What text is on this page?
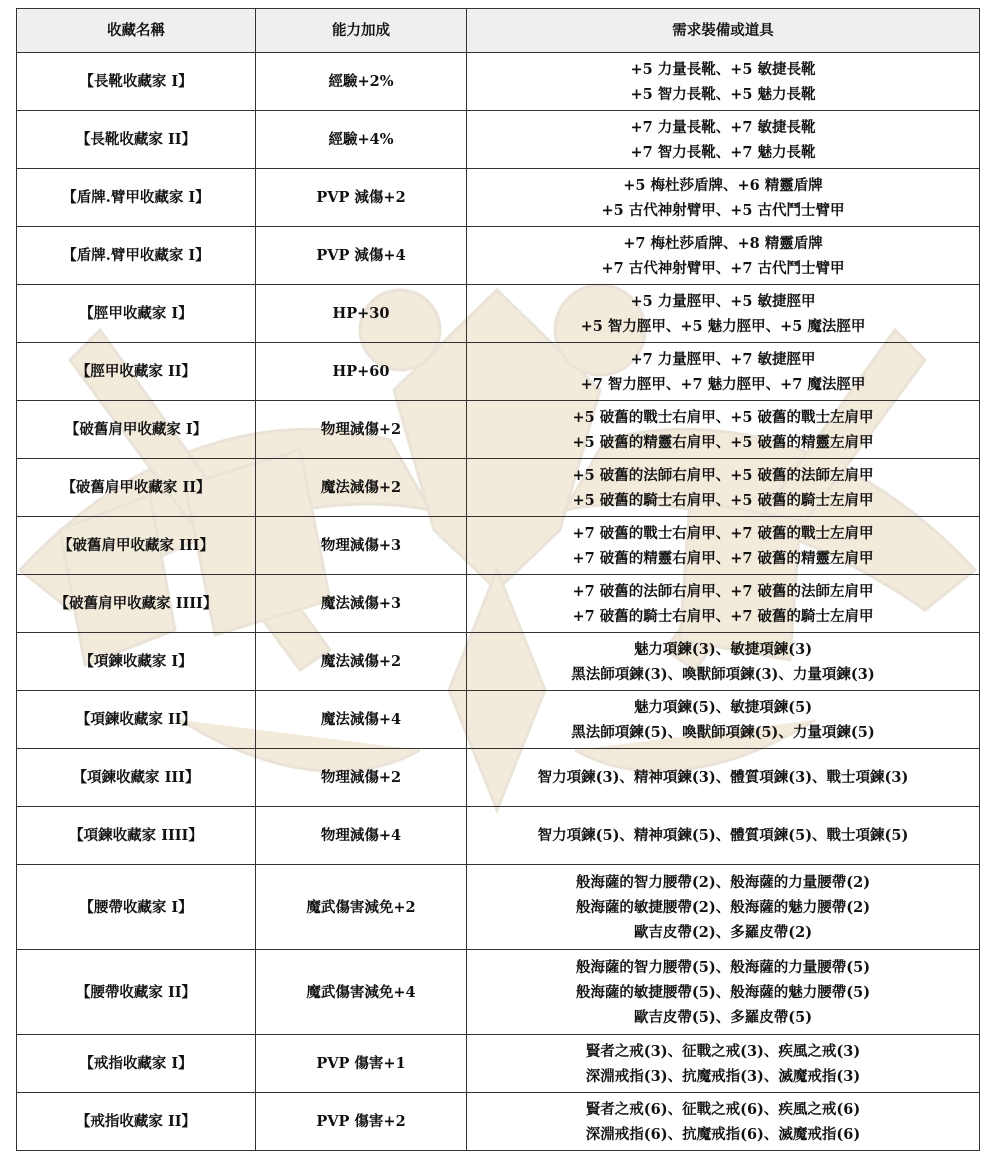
收藏名稱	能力加成	需求裝備或道具
【長靴收藏家 I】	經驗+2%	+5 力量長靴、+5 敏捷長靴
+5 智力長靴、+5 魅力長靴

【長靴收藏家 II】	經驗+4%	+7 力量長靴、+7 敏捷長靴
+7 智力長靴、+7 魅力長靴

【盾牌.臂甲收藏家 I】	PVP 減傷+2	+5 梅杜莎盾牌、+6 精靈盾牌
+5 古代神射臂甲、+5 古代鬥士臂甲

【盾牌.臂甲收藏家 I】	PVP 減傷+4	+7 梅杜莎盾牌、+8 精靈盾牌
+7 古代神射臂甲、+7 古代鬥士臂甲

【脛甲收藏家 I】	HP+30	+5 力量脛甲、+5 敏捷脛甲
+5 智力脛甲、+5 魅力脛甲、+5 魔法脛甲

【脛甲收藏家 II】	HP+60	+7 力量脛甲、+7 敏捷脛甲
+7 智力脛甲、+7 魅力脛甲、+7 魔法脛甲

【破舊肩甲收藏家 I】	物理減傷+2	+5 破舊的戰士右肩甲、+5 破舊的戰士左肩甲
+5 破舊的精靈右肩甲、+5 破舊的精靈左肩甲

【破舊肩甲收藏家 II】	魔法減傷+2	+5 破舊的法師右肩甲、+5 破舊的法師左肩甲
+5 破舊的騎士右肩甲、+5 破舊的騎士左肩甲

【破舊肩甲收藏家 III】	物理減傷+3	+7 破舊的戰士右肩甲、+7 破舊的戰士左肩甲
+7 破舊的精靈右肩甲、+7 破舊的精靈左肩甲

【破舊肩甲收藏家 IIII】	魔法減傷+3	+7 破舊的法師右肩甲、+7 破舊的法師左肩甲
+7 破舊的騎士右肩甲、+7 破舊的騎士左肩甲

【項鍊收藏家 I】	魔法減傷+2	魅力項鍊(3)、敏捷項鍊(3)
黑法師項鍊(3)、喚獸師項鍊(3)、力量項鍊(3)

【項鍊收藏家 II】	魔法減傷+4	魅力項鍊(5)、敏捷項鍊(5)
黑法師項鍊(5)、喚獸師項鍊(5)、力量項鍊(5)

【項鍊收藏家 III】	物理減傷+2	智力項鍊(3)、精神項鍊(3)、體質項鍊(3)、戰士項鍊(3)

【項鍊收藏家 IIII】	物理減傷+4	智力項鍊(5)、精神項鍊(5)、體質項鍊(5)、戰士項鍊(5)

【腰帶收藏家 I】	魔武傷害減免+2	般海薩的智力腰帶(2)、般海薩的力量腰帶(2)
般海薩的敏捷腰帶(2)、般海薩的魅力腰帶(2)
歐吉皮帶(2)、多羅皮帶(2)

【腰帶收藏家 II】	魔武傷害減免+4	般海薩的智力腰帶(5)、般海薩的力量腰帶(5)
般海薩的敏捷腰帶(5)、般海薩的魅力腰帶(5)
歐吉皮帶(5)、多羅皮帶(5)

【戒指收藏家 I】	PVP 傷害+1	賢者之戒(3)、征戰之戒(3)、疾風之戒(3)
深淵戒指(3)、抗魔戒指(3)、滅魔戒指(3)

【戒指收藏家 II】	PVP 傷害+2	賢者之戒(6)、征戰之戒(6)、疾風之戒(6)
深淵戒指(6)、抗魔戒指(6)、滅魔戒指(6)
